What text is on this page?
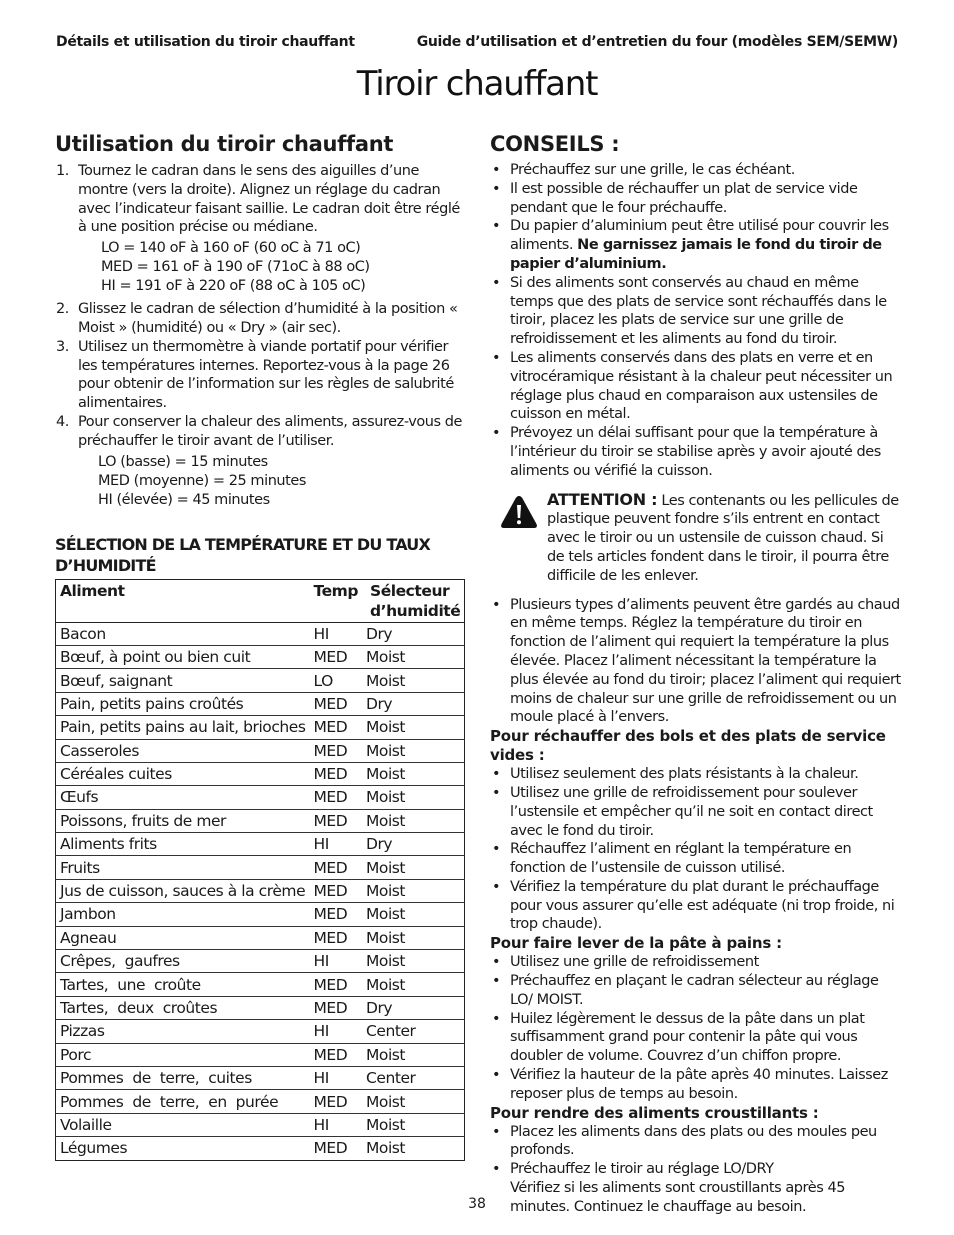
Détails et utilisation du tiroir chauffant	Guide d’utilisation et d’entretien du four (modèles SEM/SEMW)
Tiroir chauffant
Utilisation du tiroir chauffant
1. Tournez le cadran dans le sens des aiguilles d’une montre (vers la droite). Alignez un réglage du cadran avec l’indicateur faisant saillie. Le cadran doit être réglé à une position précise ou médiane.
LO = 140 oF à 160 oF (60 oC à 71 oC)
MED = 161 oF à 190 oF (71oC à 88 oC)
HI = 191 oF à 220 oF (88 oC à 105 oC)
2. Glissez le cadran de sélection d’humidité à la position « Moist » (humidité) ou « Dry » (air sec).
3. Utilisez un thermomètre à viande portatif pour vérifier les températures internes. Reportez-vous à la page 26 pour obtenir de l’information sur les règles de salubrité alimentaires.
4. Pour conserver la chaleur des aliments, assurez-vous de préchauffer le tiroir avant de l’utiliser.
LO (basse) = 15 minutes
MED (moyenne) = 25 minutes
HI (élevée) = 45 minutes
SÉLECTION DE LA TEMPÉRATURE ET DU TAUX D’HUMIDITÉ
Aliment	Temp	Sélecteur
d’humidité

Bacon	HI	Dry
Bœuf, à point ou bien cuit	MED	Moist
Bœuf, saignant	LO	Moist
Pain, petits pains croûtés	MED	Dry
Pain, petits pains au lait, brioches	MED	Moist
Casseroles	MED	Moist
Céréales cuites	MED	Moist
Œufs	MED	Moist
Poissons, fruits de mer	MED	Moist
Aliments frits	HI	Dry
Fruits	MED	Moist
Jus de cuisson, sauces à la crème	MED	Moist
Jambon	MED	Moist
Agneau	MED	Moist
Crêpes,  gaufres	HI	Moist
Tartes,  une  croûte	MED	Moist
Tartes,  deux  croûtes	MED	Dry
Pizzas	HI	Center
Porc	MED	Moist
Pommes  de  terre,  cuites	HI	Center
Pommes  de  terre,  en  purée	MED	Moist
Volaille	HI	Moist
Légumes	MED	Moist
CONSEILS :
• Préchauffez sur une grille, le cas échéant.
• Il est possible de réchauffer un plat de service vide pendant que le four préchauffe.
• Du papier d’aluminium peut être utilisé pour couvrir les aliments. Ne garnissez jamais le fond du tiroir de papier d’aluminium.
• Si des aliments sont conservés au chaud en même temps que des plats de service sont réchauffés dans le tiroir, placez les plats de service sur une grille de refroidissement et les aliments au fond du tiroir.
• Les aliments conservés dans des plats en verre et en vitrocéramique résistant à la chaleur peut nécessiter un réglage plus chaud en comparaison aux ustensiles de cuisson en métal.
• Prévoyez un délai suffisant pour que la température à l’intérieur du tiroir se stabilise après y avoir ajouté des aliments ou vérifié la cuisson.
ATTENTION : Les contenants ou les pellicules de plastique peuvent fondre s’ils entrent en contact avec le tiroir ou un ustensile de cuisson chaud. Si de tels articles fondent dans le tiroir, il pourra être difficile de les enlever.
• Plusieurs types d’aliments peuvent être gardés au chaud en même temps. Réglez la température du tiroir en fonction de l’aliment qui requiert la température la plus élevée. Placez l’aliment nécessitant la température la plus élevée au fond du tiroir; placez l’aliment qui requiert moins de chaleur sur une grille de refroidissement ou un moule placé à l’envers.
Pour réchauffer des bols et des plats de service vides :
• Utilisez seulement des plats résistants à la chaleur.
• Utilisez une grille de refroidissement pour soulever l’ustensile et empêcher qu’il ne soit en contact direct avec le fond du tiroir.
• Réchauffez l’aliment en réglant la température en fonction de l’ustensile de cuisson utilisé.
• Vérifiez la température du plat durant le préchauffage pour vous assurer qu’elle est adéquate (ni trop froide, ni trop chaude).
Pour faire lever de la pâte à pains :
• Utilisez une grille de refroidissement
• Préchauffez en plaçant le cadran sélecteur au réglage LO/ MOIST.
• Huilez légèrement le dessus de la pâte dans un plat suffisamment grand pour contenir la pâte qui vous doubler de volume. Couvrez d’un chiffon propre.
• Vérifiez la hauteur de la pâte après 40 minutes. Laissez reposer plus de temps au besoin.
Pour rendre des aliments croustillants :
• Placez les aliments dans des plats ou des moules peu profonds.
• Préchauffez le tiroir au réglage LO/DRY
Vérifiez si les aliments sont croustillants après 45 minutes. Continuez le chauffage au besoin.
38
